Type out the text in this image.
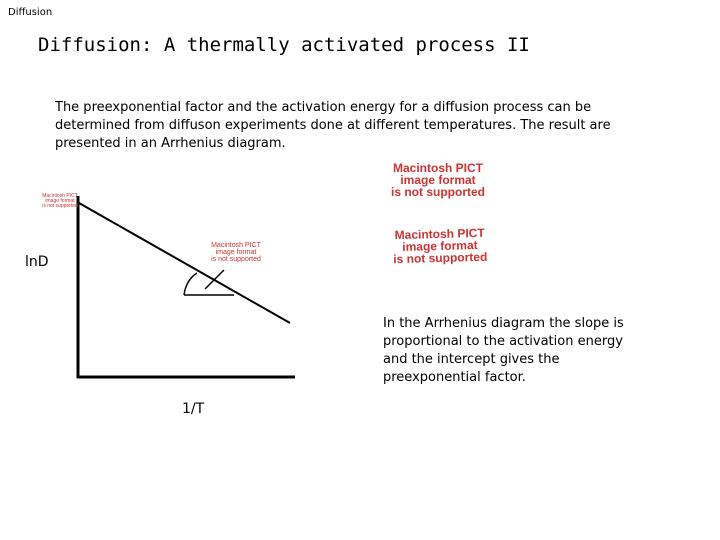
Diffusion
Diffusion: A thermally activated process II
The preexponential factor and the activation energy for a diffusion process can be determined from diffuson experiments done at different temperatures. The result are presented in an Arrhenius diagram.
lnD
1/T
Macintosh PICT
image format
is not supported
Macintosh PICT
image format
is not supported
Macintosh PICT
image format
is not supported
Macintosh PICT
image format
is not supported
In the Arrhenius diagram the slope is proportional to the activation energy and the intercept gives the preexponential factor.
